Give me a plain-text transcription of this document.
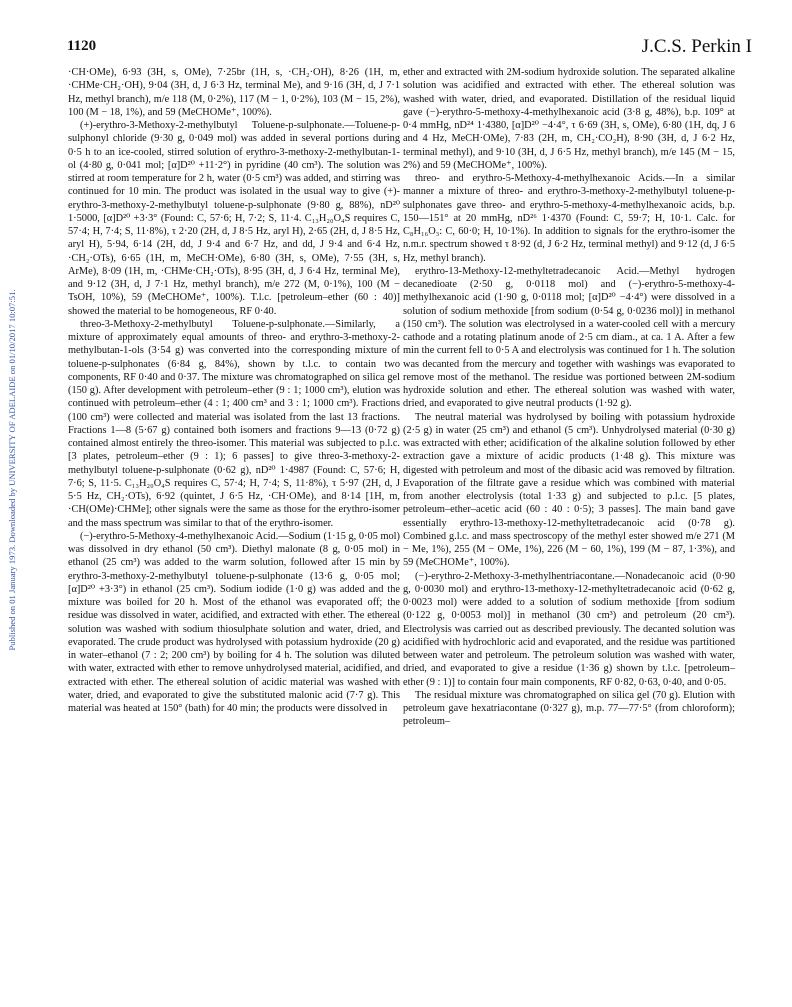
1120	J.C.S. Perkin I
Published on 01 January 1973. Downloaded by UNIVERSITY OF ADELAIDE on 01/10/2017 10:07:51.

·CH·OMe), 6·93 (3H, s, OMe), 7·25br (1H, s, ·CH₂·OH), 8·26 (1H, m, ·CHMe·CH₂·OH), 9·04 (3H, d, J 6·3 Hz, terminal Me), and 9·16 (3H, d, J 7·1 Hz, methyl branch), m/e 118 (M, 0·2%), 117 (M − 1, 0·2%), 103 (M − 15, 2%), 100 (M − 18, 1%), and 59 (MeCHOMe⁺, 100%).

(+)-erythro-3-Methoxy-2-methylbutyl Toluene-p-sulphonate.—Toluene-p-sulphonyl chloride (9·30 g, 0·049 mol) was added in several portions during 0·5 h to an ice-cooled, stirred solution of erythro-3-methoxy-2-methylbutan-1-ol (4·80 g, 0·041 mol; [α]D²⁰ +11·2°) in pyridine (40 cm³). The solution was stirred at room temperature for 2 h, water (0·5 cm³) was added, and stirring was continued for 10 min. The product was isolated in the usual way to give (+)-erythro-3-methoxy-2-methylbutyl toluene-p-sulphonate (9·80 g, 88%), nD²⁰ 1·5000, [α]D²⁰ +3·3° (Found: C, 57·6; H, 7·2; S, 11·4. C₁₃H₂₀O₄S requires C, 57·4; H, 7·4; S, 11·8%), τ 2·20 (2H, d, J 8·5 Hz, aryl H), 2·65 (2H, d, J 8·5 Hz, aryl H), 5·94, 6·14 (2H, dd, J 9·4 and 6·7 Hz, and dd, J 9·4 and 6·4 Hz, ·CH₂·OTs), 6·65 (1H, m, MeCH·OMe), 6·80 (3H, s, OMe), 7·55 (3H, s, ArMe), 8·09 (1H, m, ·CHMe·CH₂·OTs), 8·95 (3H, d, J 6·4 Hz, terminal Me), and 9·12 (3H, d, J 7·1 Hz, methyl branch), m/e 272 (M, 0·1%), 100 (M − TsOH, 10%), 59 (MeCHOMe⁺, 100%). T.l.c. [petroleum–ether (60 : 40)] showed the material to be homogeneous, RF 0·40.

threo-3-Methoxy-2-methylbutyl Toluene-p-sulphonate.—Similarly, a mixture of approximately equal amounts of threo- and erythro-3-methoxy-2-methylbutan-1-ols (3·54 g) was converted into the corresponding mixture of toluene-p-sulphonates (6·84 g, 84%), shown by t.l.c. to contain two components, RF 0·40 and 0·37. The mixture was chromatographed on silica gel (150 g). After development with petroleum–ether (9 : 1; 1000 cm³), elution was continued with petroleum–ether (4 : 1; 400 cm³ and 3 : 1; 1000 cm³). Fractions (100 cm³) were collected and material was isolated from the last 13 fractions. Fractions 1—8 (5·67 g) contained both isomers and fractions 9—13 (0·72 g) contained almost entirely the threo-isomer. This material was subjected to p.l.c. [3 plates, petroleum–ether (9 : 1); 6 passes] to give threo-3-methoxy-2-methylbutyl toluene-p-sulphonate (0·62 g), nD²⁰ 1·4987 (Found: C, 57·6; H, 7·6; S, 11·5. C₁₃H₂₀O₄S requires C, 57·4; H, 7·4; S, 11·8%), τ 5·97 (2H, d, J 5·5 Hz, CH₂·OTs), 6·92 (quintet, J 6·5 Hz, ·CH·OMe), and 8·14 [1H, m, ·CH(OMe)·CHMe]; other signals were the same as those for the erythro-isomer and the mass spectrum was similar to that of the erythro-isomer.

(−)-erythro-5-Methoxy-4-methylhexanoic Acid.—Sodium (1·15 g, 0·05 mol) was dissolved in dry ethanol (50 cm³). Diethyl malonate (8 g, 0·05 mol) in ethanol (25 cm³) was added to the warm solution, followed after 15 min by erythro-3-methoxy-2-methylbutyl toluene-p-sulphonate (13·6 g, 0·05 mol; [α]D²⁰ +3·3°) in ethanol (25 cm³). Sodium iodide (1·0 g) was added and the mixture was boiled for 20 h. Most of the ethanol was evaporated off; the residue was dissolved in water, acidified, and extracted with ether. The ethereal solution was washed with sodium thiosulphate solution and water, dried, and evaporated. The crude product was hydrolysed with potassium hydroxide (20 g) in water–ethanol (7 : 2; 200 cm³) by boiling for 4 h. The solution was diluted with water, extracted with ether to remove unhydrolysed material, acidified, and extracted with ether. The ethereal solution of acidic material was washed with water, dried, and evaporated to give the substituted malonic acid (7·7 g). This material was heated at 150° (bath) for 40 min; the products were dissolved in

ether and extracted with 2M-sodium hydroxide solution. The separated alkaline solution was acidified and extracted with ether. The ethereal solution was washed with water, dried, and evaporated. Distillation of the residual liquid gave (−)-erythro-5-methoxy-4-methylhexanoic acid (3·8 g, 48%), b.p. 109° at 0·4 mmHg, nD²⁴ 1·4380, [α]D²⁰ −4·4°, τ 6·69 (3H, s, OMe), 6·80 (1H, dq, J 6 and 4 Hz, MeCH·OMe), 7·83 (2H, m, CH₂·CO₂H), 8·90 (3H, d, J 6·2 Hz, terminal methyl), and 9·10 (3H, d, J 6·5 Hz, methyl branch), m/e 145 (M − 15, 2%) and 59 (MeCHOMe⁺, 100%).

threo- and erythro-5-Methoxy-4-methylhexanoic Acids.—In a similar manner a mixture of threo- and erythro-3-methoxy-2-methylbutyl toluene-p-sulphonates gave threo- and erythro-5-methoxy-4-methylhexanoic acids, b.p. 150—151° at 20 mmHg, nD²⁶ 1·4370 (Found: C, 59·7; H, 10·1. Calc. for C₈H₁₆O₃: C, 60·0; H, 10·1%). In addition to signals for the erythro-isomer the n.m.r. spectrum showed τ 8·92 (d, J 6·2 Hz, terminal methyl) and 9·12 (d, J 6·5 Hz, methyl branch).

erythro-13-Methoxy-12-methyltetradecanoic Acid.—Methyl hydrogen decanedioate (2·50 g, 0·0118 mol) and (−)-erythro-5-methoxy-4-methylhexanoic acid (1·90 g, 0·0118 mol; [α]D²⁰ −4·4°) were dissolved in a solution of sodium methoxide [from sodium (0·54 g, 0·0236 mol)] in methanol (150 cm³). The solution was electrolysed in a water-cooled cell with a mercury cathode and a rotating platinum anode of 2·5 cm diam., at ca. 1 A. After a few min the current fell to 0·5 A and electrolysis was continued for 1 h. The solution was decanted from the mercury and together with washings was evaporated to remove most of the methanol. The residue was portioned between 2M-sodium hydroxide solution and ether. The ethereal solution was washed with water, dried, and evaporated to give neutral products (1·92 g).

The neutral material was hydrolysed by boiling with potassium hydroxide (2·5 g) in water (25 cm³) and ethanol (5 cm³). Unhydrolysed material (0·30 g) was extracted with ether; acidification of the alkaline solution followed by ether extraction gave a mixture of acidic products (1·48 g). This mixture was digested with petroleum and most of the dibasic acid was removed by filtration. Evaporation of the filtrate gave a residue which was combined with material from another electrolysis (total 1·33 g) and subjected to p.l.c. [5 plates, petroleum–ether–acetic acid (60 : 40 : 0·5); 3 passes]. The main band gave essentially erythro-13-methoxy-12-methyltetradecanoic acid (0·78 g). Combined g.l.c. and mass spectroscopy of the methyl ester showed m/e 271 (M − Me, 1%), 255 (M − OMe, 1%), 226 (M − 60, 1%), 199 (M − 87, 1·3%), and 59 (MeCHOMe⁺, 100%).

(−)-erythro-2-Methoxy-3-methylhentriacontane.—Nonadecanoic acid (0·90 g, 0·0030 mol) and erythro-13-methoxy-12-methyltetradecanoic acid (0·62 g, 0·0023 mol) were added to a solution of sodium methoxide [from sodium (0·122 g, 0·0053 mol)] in methanol (30 cm³) and petroleum (20 cm³). Electrolysis was carried out as described previously. The decanted solution was acidified with hydrochloric acid and evaporated, and the residue was partitioned between water and petroleum. The petroleum solution was washed with water, dried, and evaporated to give a residue (1·36 g) shown by t.l.c. [petroleum–ether (9 : 1)] to contain four main components, RF 0·82, 0·63, 0·40, and 0·05.

The residual mixture was chromatographed on silica gel (70 g). Elution with petroleum gave hexatriacontane (0·327 g), m.p. 77—77·5° (from chloroform); petroleum–
